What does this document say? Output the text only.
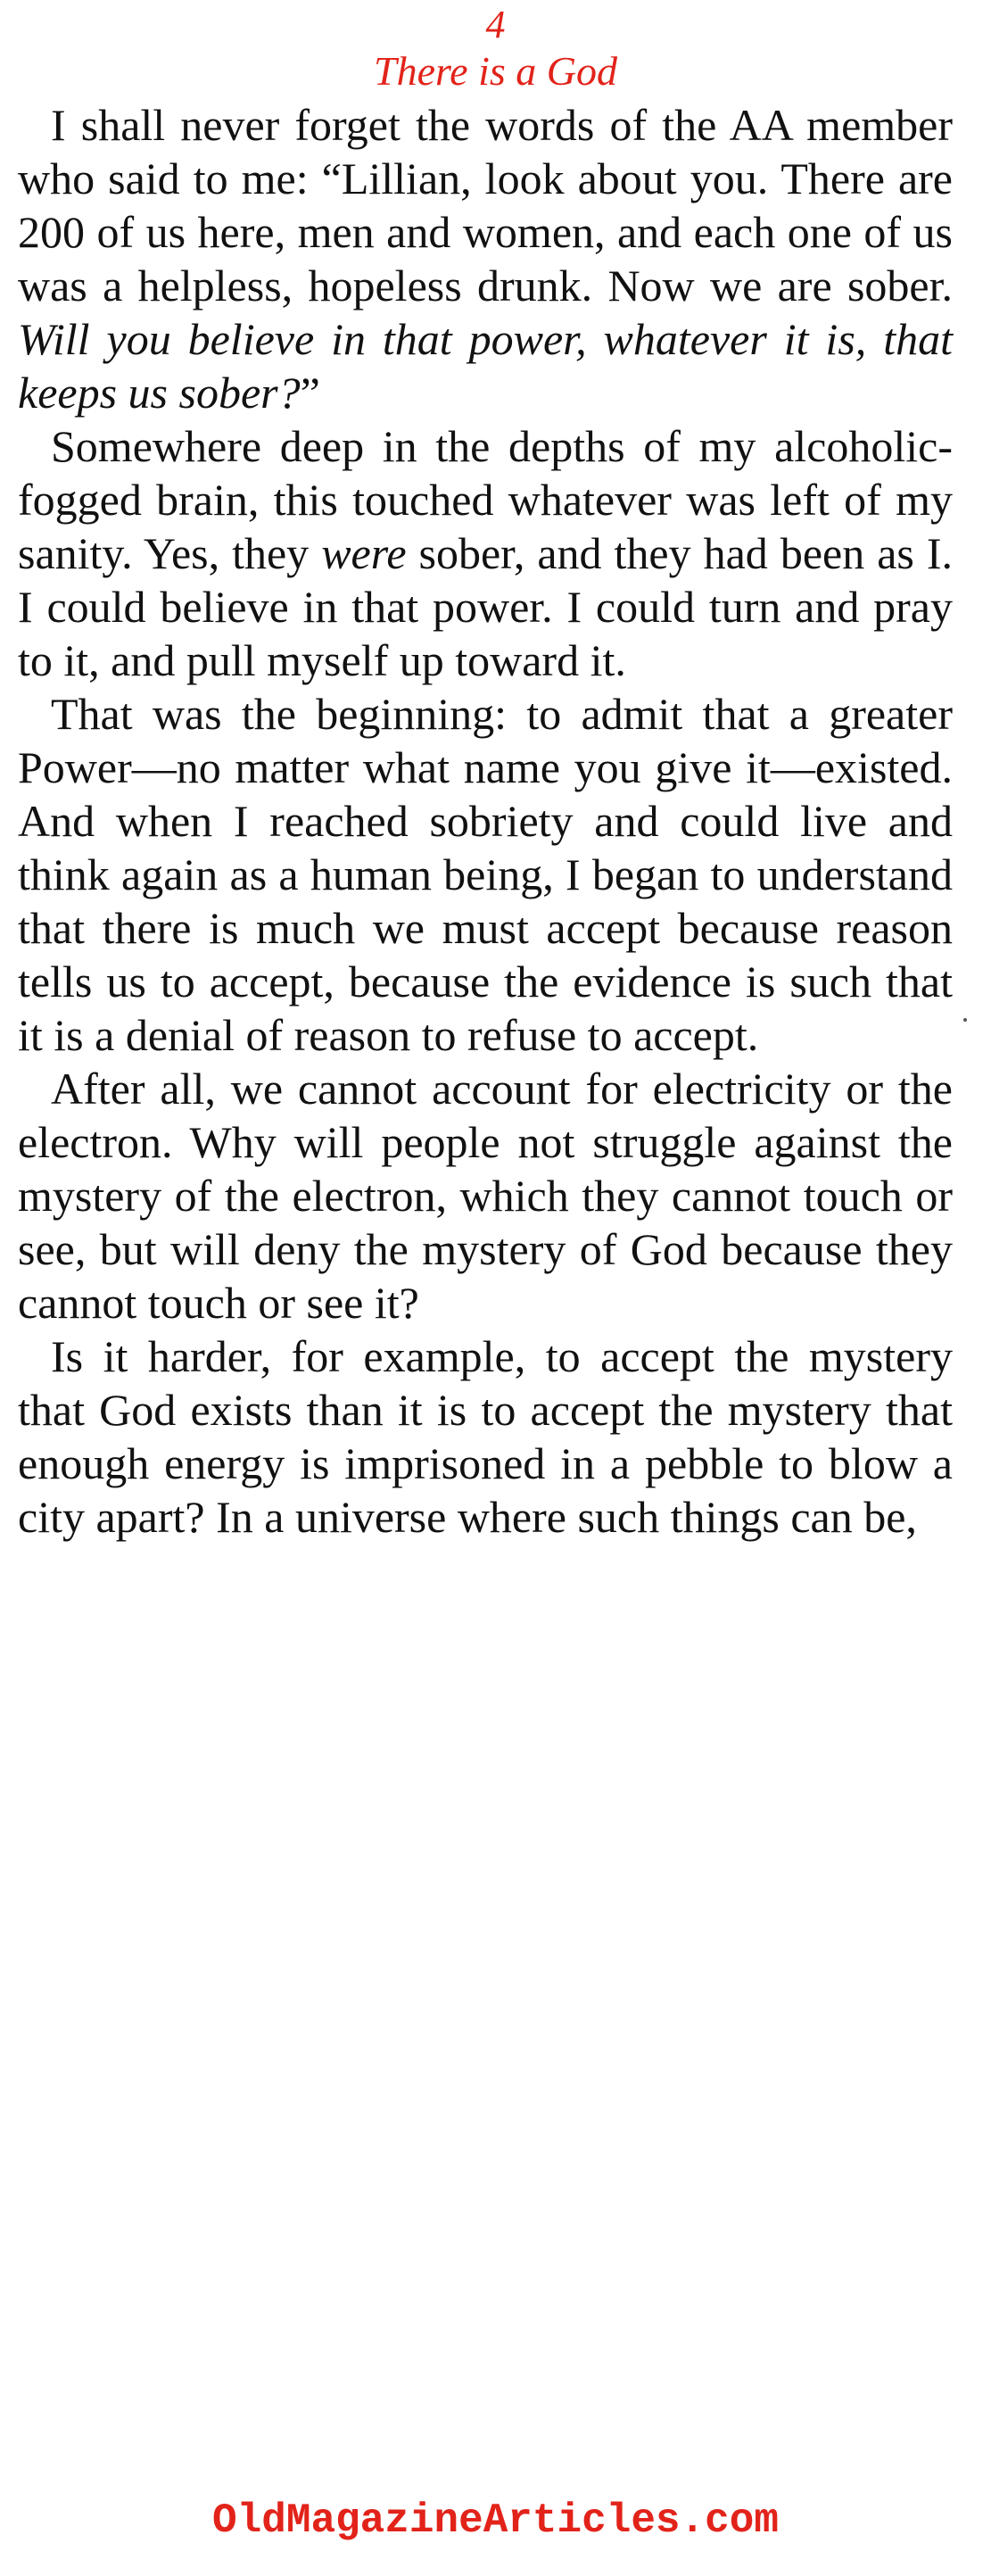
4
There is a God

I shall never forget the words of the AA member who said to me: “Lillian, look about you. There are 200 of us here, men and women, and each one of us was a helpless, hopeless drunk. Now we are sober. Will you believe in that power, whatever it is, that keeps us sober?”

Somewhere deep in the depths of my alcoholic-fogged brain, this touched whatever was left of my sanity. Yes, they were sober, and they had been as I. I could believe in that power. I could turn and pray to it, and pull myself up toward it.

That was the beginning: to admit that a greater Power—no matter what name you give it—existed. And when I reached sobriety and could live and think again as a human being, I began to understand that there is much we must accept because reason tells us to accept, because the evidence is such that it is a denial of reason to refuse to accept.

After all, we cannot account for electricity or the electron. Why will people not struggle against the mystery of the electron, which they cannot touch or see, but will deny the mystery of God because they cannot touch or see it?

Is it harder, for example, to accept the mystery that God exists than it is to accept the mystery that enough energy is imprisoned in a pebble to blow a city apart? In a universe where such things can be,

OldMagazineArticles.com
